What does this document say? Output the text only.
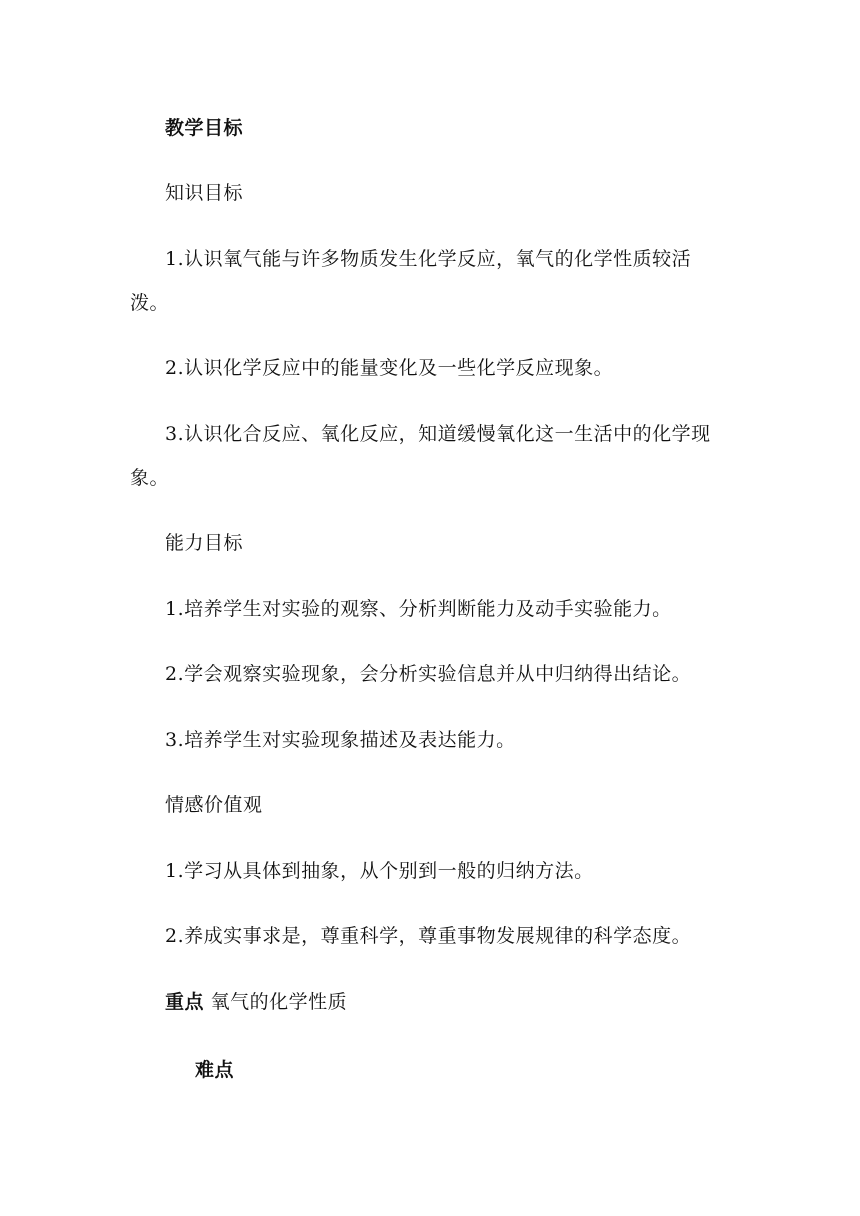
教学目标
知识目标
1.认识氧气能与许多物质发生化学反应，氧气的化学性质较活
泼。
2.认识化学反应中的能量变化及一些化学反应现象。
3.认识化合反应、氧化反应，知道缓慢氧化这一生活中的化学现
象。
能力目标
1.培养学生对实验的观察、分析判断能力及动手实验能力。
2.学会观察实验现象，会分析实验信息并从中归纳得出结论。
3.培养学生对实验现象描述及表达能力。
情感价值观
1.学习从具体到抽象，从个别到一般的归纳方法。
2.养成实事求是，尊重科学，尊重事物发展规律的科学态度。
重点 氧气的化学性质
难点
